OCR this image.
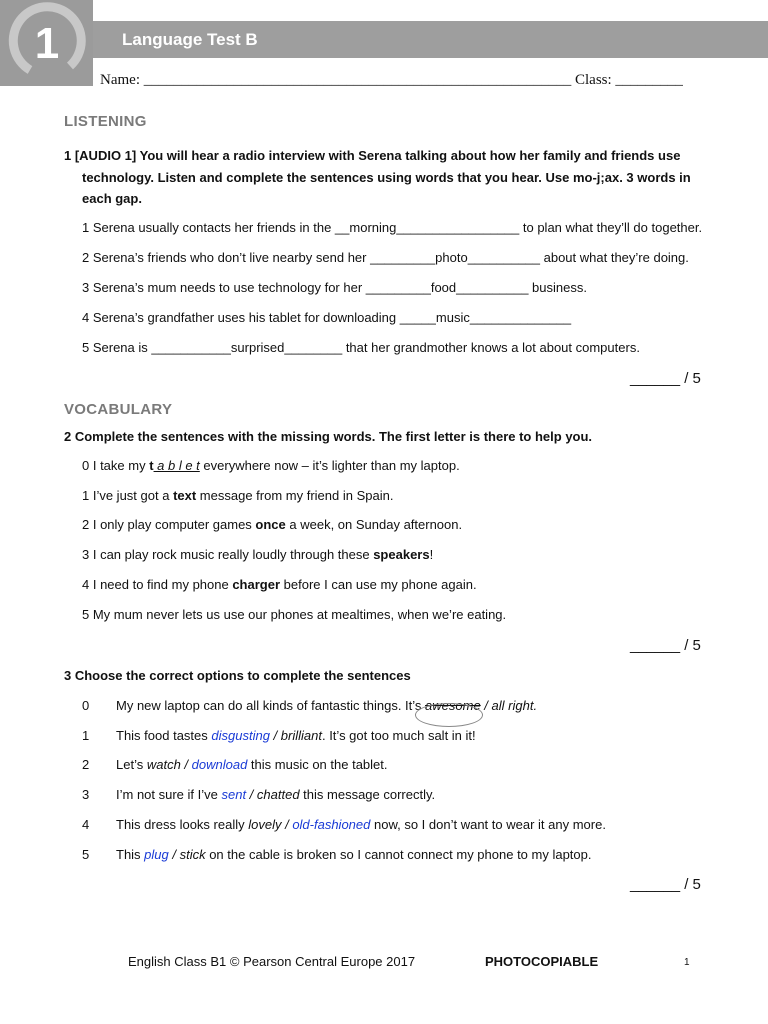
1	Language Test B
Name: _________________________________________________________ Class: _________
LISTENING
1 [AUDIO 1] You will hear a radio interview with Serena talking about how her family and friends use
technology. Listen and complete the sentences using words that you hear. Use mo-j;ax. 3 words in
each gap.
1 Serena usually contacts her friends in the __morning_________________ to plan what they’ll do together.
2 Serena’s friends who don’t live nearby send her _________photo__________ about what they’re doing.
3 Serena’s mum needs to use technology for her _________food__________ business.
4 Serena’s grandfather uses his tablet for downloading _____music______________
5 Serena is ___________surprised________ that her grandmother knows a lot about computers.
______ / 5
VOCABULARY
2 Complete the sentences with the missing words. The first letter is there to help you.
0 I take my t a b l e t everywhere now – it’s lighter than my laptop.
1 I’ve just got a text message from my friend in Spain.
2 I only play computer games once a week, on Sunday afternoon.
3 I can play rock music really loudly through these speakers!
4 I need to find my phone charger before I can use my phone again.
5 My mum never lets us use our phones at mealtimes, when we’re eating.
______ / 5
3 Choose the correct options to complete the sentences
0 My new laptop can do all kinds of fantastic things. It’s awesome / all right.
1 This food tastes disgusting / brilliant. It’s got too much salt in it!
2 Let’s watch / download this music on the tablet.
3 I’m not sure if I’ve sent / chatted this message correctly.
4 This dress looks really lovely / old-fashioned now, so I don’t want to wear it any more.
5 This plug / stick on the cable is broken so I cannot connect my phone to my laptop.
______ / 5
English Class B1 © Pearson Central Europe 2017	PHOTOCOPIABLE	1
